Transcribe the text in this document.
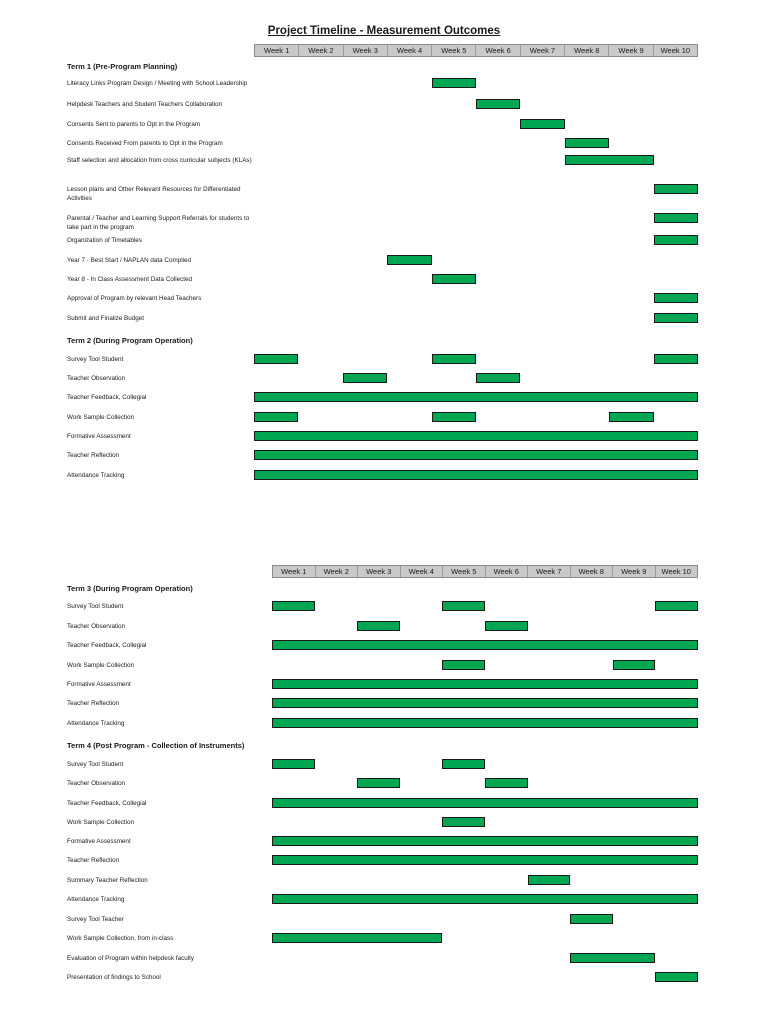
Project Timeline - Measurement Outcomes
Week 1	Week 2	Week 3	Week 4	Week 5	Week 6	Week 7	Week 8	Week 9	Week 10
Term 1 (Pre-Program Planning)
Literacy Links Program Design / Meeting with School Leadership
Helpdesk Teachers and Student Teachers Collaboration
Consents Sent to parents to Opt in the Program
Consents Received From parents to Opt in the Program
Staff selection and allocation from cross curricular subjects (KLAs)
Lesson plans and Other Relevant Resources for Differentiated Activities
Parental / Teacher and Learning Support Referrals for students to take part in the program
Organization of Timetables
Year 7 - Best Start / NAPLAN data Complied
Year 8 - In Class Assessment Data Collected
Approval of Program by relevant Head Teachers
Submit and Finalize Budget
Term 2 (During Program Operation)
Survey Tool Student
Teacher Observation
Teacher Feedback, Collegial
Work Sample Collection
Formative Assessment
Teacher Reflection
Attendance Tracking
Week 1	Week 2	Week 3	Week 4	Week 5	Week 6	Week 7	Week 8	Week 9	Week 10
Term 3 (During Program Operation)
Survey Tool Student
Teacher Observation
Teacher Feedback, Collegial
Work Sample Collection
Formative Assessment
Teacher Reflection
Attendance Tracking
Term 4 (Post Program - Collection of Instruments)
Survey Tool Student
Teacher Observation
Teacher Feedback, Collegial
Work Sample Collection
Formative Assessment
Teacher Reflection
Summary Teacher Reflection
Attendance Tracking
Survey Tool Teacher
Work Sample Collection, from in-class
Evaluation of Program within helpdesk faculty
Presentation of findings to School
